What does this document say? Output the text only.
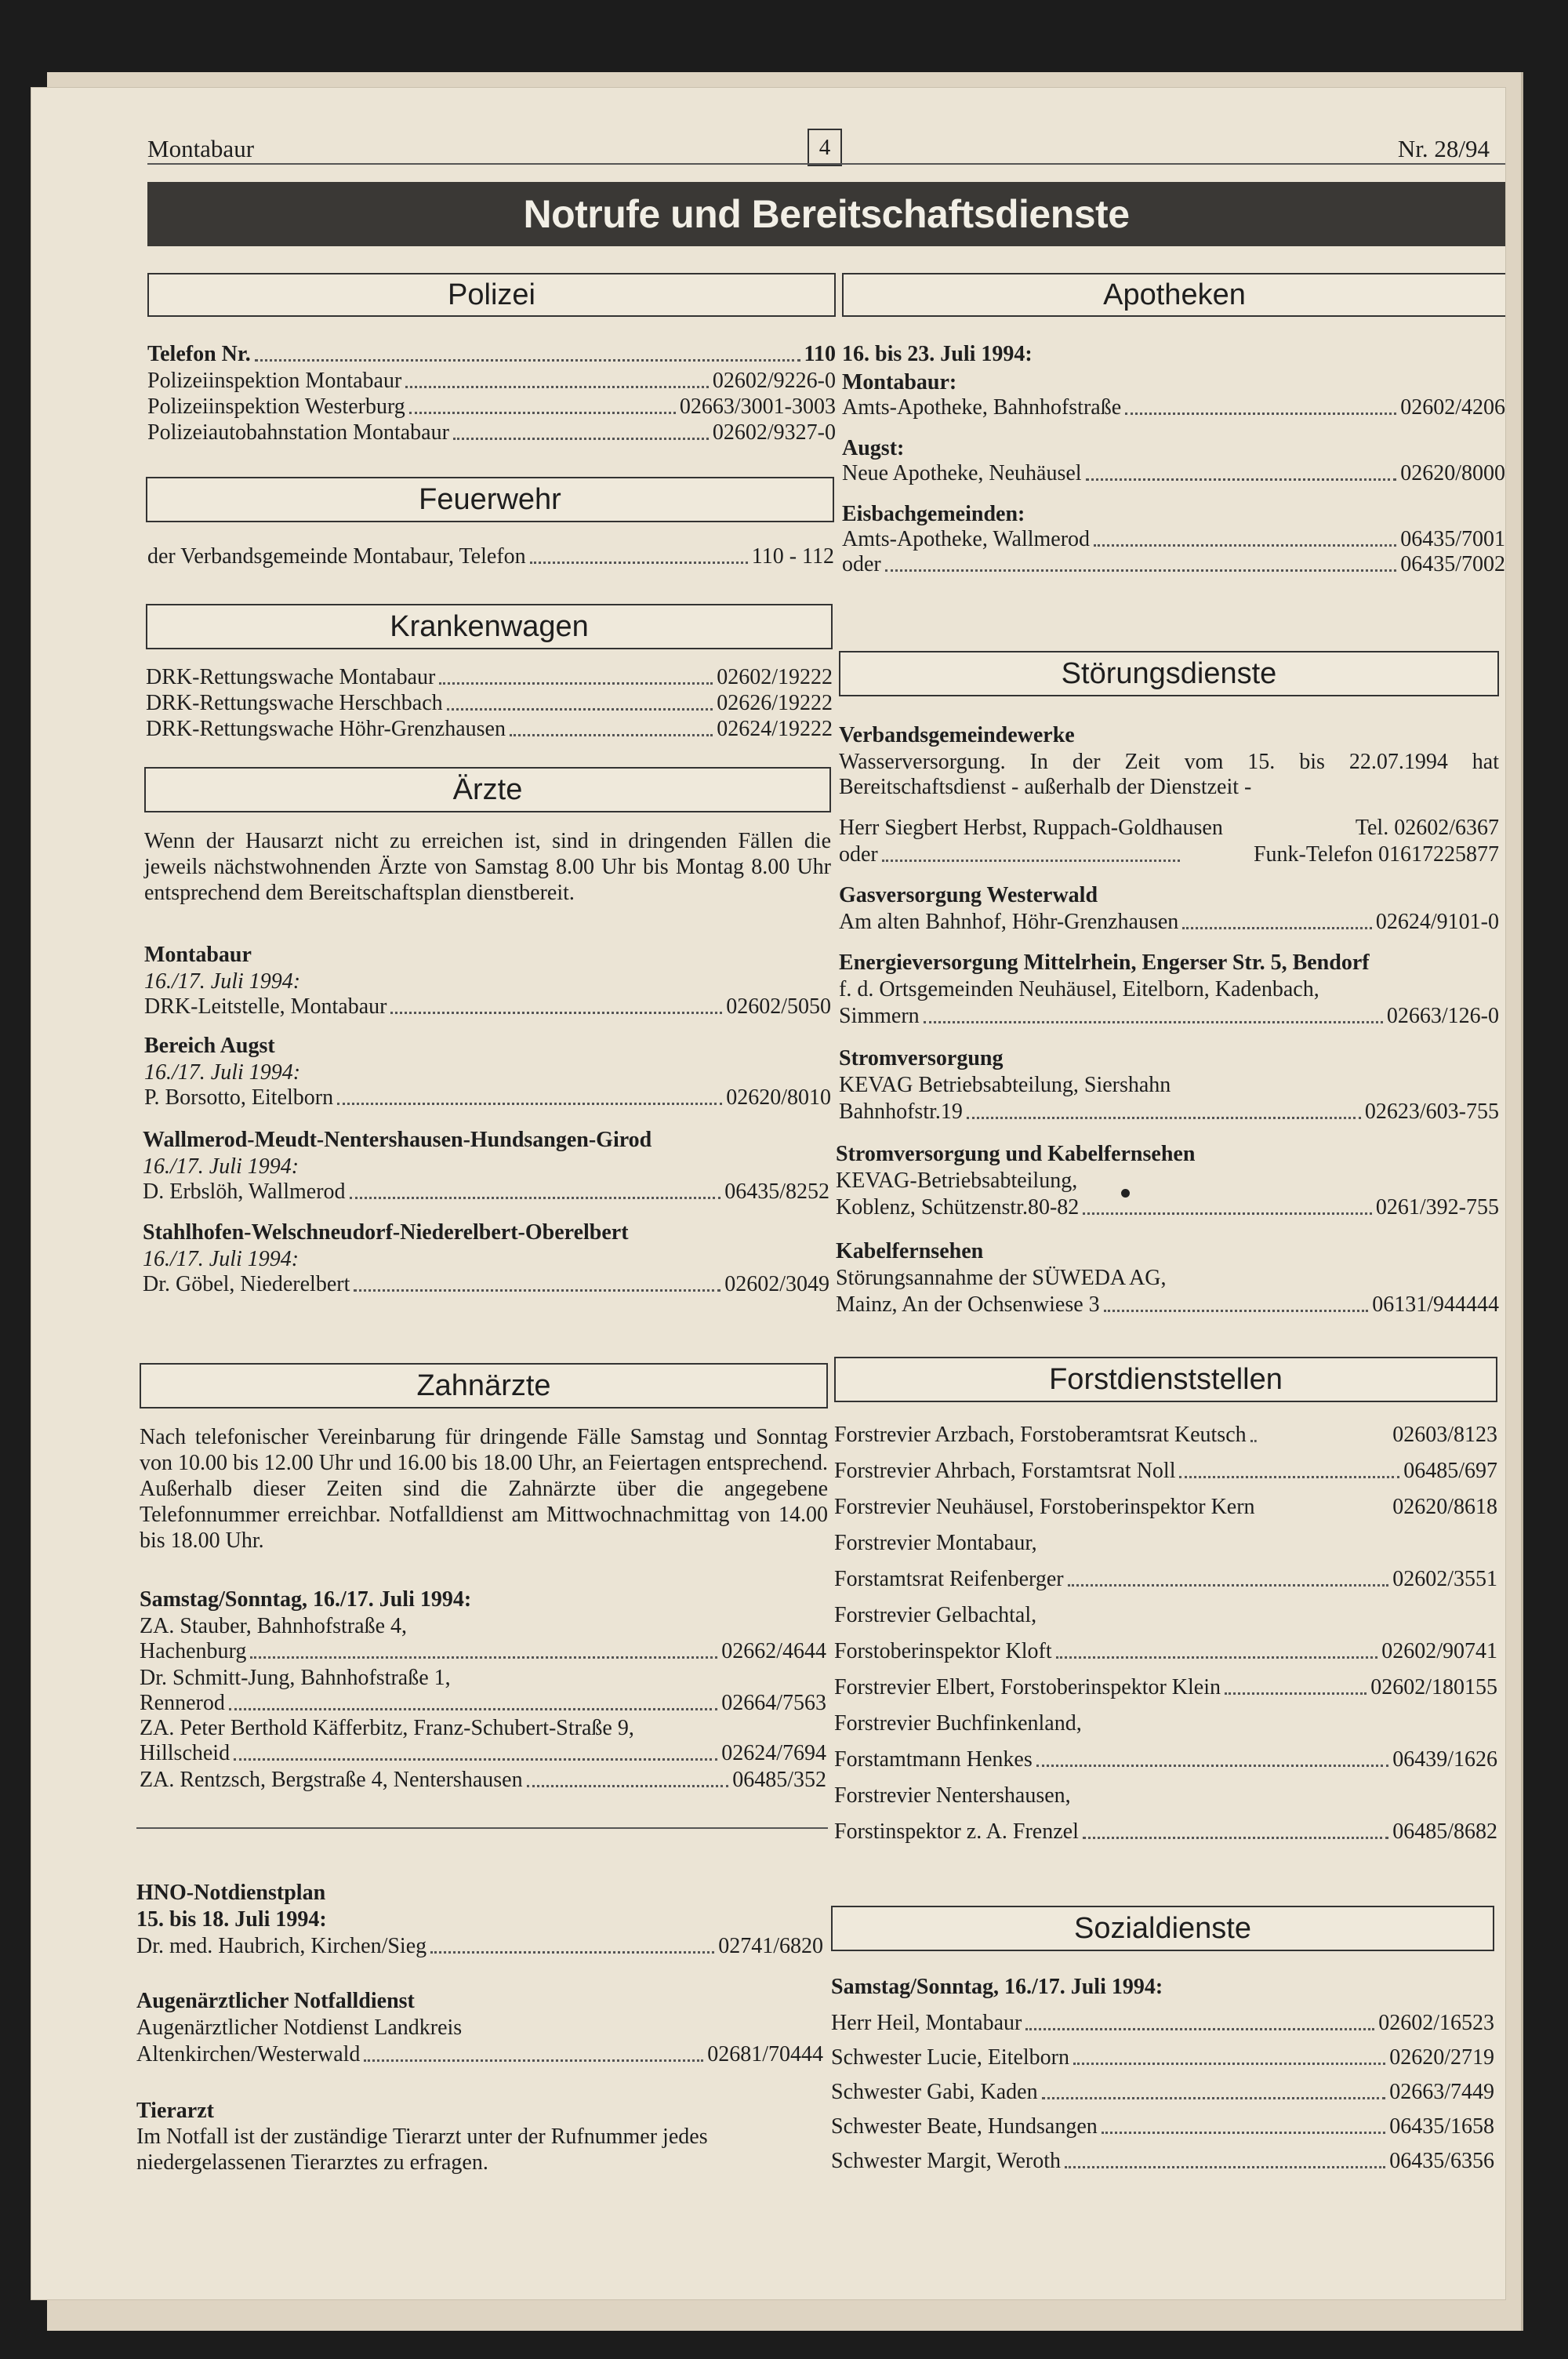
Montabaur	4	Nr. 28/94
Notrufe und Bereitschaftsdienste
Polizei
Telefon Nr.	110
Polizeiinspektion Montabaur	02602/9226-0
Polizeiinspektion Westerburg	02663/3001-3003
Polizeiautobahnstation Montabaur	02602/9327-0
Feuerwehr
der Verbandsgemeinde Montabaur, Telefon	110 - 112
Krankenwagen
DRK-Rettungswache Montabaur	02602/19222
DRK-Rettungswache Herschbach	02626/19222
DRK-Rettungswache Höhr-Grenzhausen	02624/19222
Ärzte
Wenn der Hausarzt nicht zu erreichen ist, sind in dringenden Fällen die jeweils nächstwohnenden Ärzte von Samstag 8.00 Uhr bis Montag 8.00 Uhr entsprechend dem Bereitschaftsplan dienstbereit.
Montabaur
16./17. Juli 1994:
DRK-Leitstelle, Montabaur	02602/5050
Bereich Augst
16./17. Juli 1994:
P. Borsotto, Eitelborn	02620/8010
Wallmerod-Meudt-Nentershausen-Hundsangen-Girod
16./17. Juli 1994:
D. Erbslöh, Wallmerod	06435/8252
Stahlhofen-Welschneudorf-Niederelbert-Oberelbert
16./17. Juli 1994:
Dr. Göbel, Niederelbert	02602/3049
Zahnärzte
Nach telefonischer Vereinbarung für dringende Fälle Samstag und Sonntag von 10.00 bis 12.00 Uhr und 16.00 bis 18.00 Uhr, an Feiertagen entsprechend. Außerhalb dieser Zeiten sind die Zahnärzte über die angegebene Telefonnummer erreichbar. Notfalldienst am Mittwochnachmittag von 14.00 bis 18.00 Uhr.
Samstag/Sonntag, 16./17. Juli 1994:
ZA. Stauber, Bahnhofstraße 4,
Hachenburg	02662/4644
Dr. Schmitt-Jung, Bahnhofstraße 1,
Rennerod	02664/7563
ZA. Peter Berthold Käfferbitz, Franz-Schubert-Straße 9,
Hillscheid	02624/7694
ZA. Rentzsch, Bergstraße 4, Nentershausen	06485/352
HNO-Notdienstplan
15. bis 18. Juli 1994:
Dr. med. Haubrich, Kirchen/Sieg	02741/6820
Augenärztlicher Notfalldienst
Augenärztlicher Notdienst Landkreis
Altenkirchen/Westerwald	02681/70444
Tierarzt
Im Notfall ist der zuständige Tierarzt unter der Rufnummer jedes niedergelassenen Tierarztes zu erfragen.
Apotheken
16. bis 23. Juli 1994:
Montabaur:
Amts-Apotheke, Bahnhofstraße	02602/4206
Augst:
Neue Apotheke, Neuhäusel	02620/8000
Eisbachgemeinden:
Amts-Apotheke, Wallmerod	06435/7001
oder	06435/7002
Störungsdienste
Verbandsgemeindewerke
Wasserversorgung. In der Zeit vom 15. bis 22.07.1994 hat
Bereitschaftsdienst - außerhalb der Dienstzeit -
Herr Siegbert Herbst, Ruppach-Goldhausen	Tel. 02602/6367
oder	Funk-Telefon 01617225877
Gasversorgung Westerwald
Am alten Bahnhof, Höhr-Grenzhausen	02624/9101-0
Energieversorgung Mittelrhein, Engerser Str. 5, Bendorf
f. d. Ortsgemeinden Neuhäusel, Eitelborn, Kadenbach,
Simmern	02663/126-0
Stromversorgung
KEVAG Betriebsabteilung, Siershahn
Bahnhofstr.19	02623/603-755
Stromversorgung und Kabelfernsehen
KEVAG-Betriebsabteilung,
Koblenz, Schützenstr.80-82	0261/392-755
Kabelfernsehen
Störungsannahme der SÜWEDA AG,
Mainz, An der Ochsenwiese 3	06131/944444
Forstdienststellen
Forstrevier Arzbach, Forstoberamtsrat Keutsch	02603/8123
Forstrevier Ahrbach, Forstamtsrat Noll	06485/697
Forstrevier Neuhäusel, Forstoberinspektor Kern	02620/8618
Forstrevier Montabaur,
Forstamtsrat Reifenberger	02602/3551
Forstrevier Gelbachtal,
Forstoberinspektor Kloft	02602/90741
Forstrevier Elbert, Forstoberinspektor Klein	02602/180155
Forstrevier Buchfinkenland,
Forstamtmann Henkes	06439/1626
Forstrevier Nentershausen,
Forstinspektor z. A. Frenzel	06485/8682
Sozialdienste
Samstag/Sonntag, 16./17. Juli 1994:
Herr Heil, Montabaur	02602/16523
Schwester Lucie, Eitelborn	02620/2719
Schwester Gabi, Kaden	02663/7449
Schwester Beate, Hundsangen	06435/1658
Schwester Margit, Weroth	06435/6356
